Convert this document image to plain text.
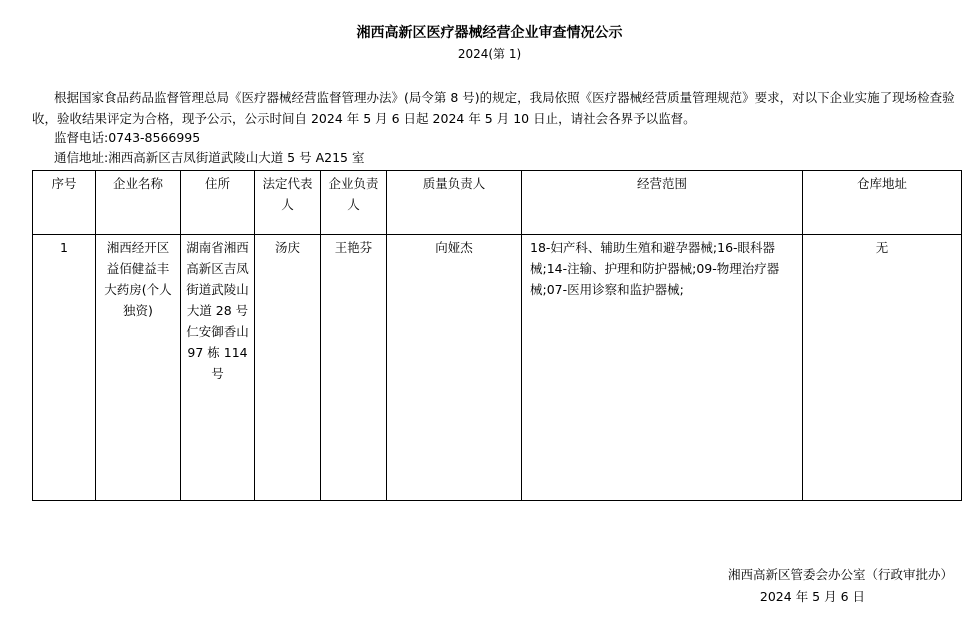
湘西高新区医疗器械经营企业审查情况公示
2024(第 1)
根据国家食品药品监督管理总局《医疗器械经营监督管理办法》(局令第 8 号)的规定，我局依照《医疗器械经营质量管理规范》要求，对以下企业实施了现场检查验收，验收结果评定为合格，现予公示，公示时间自 2024 年 5 月 6 日起 2024 年 5 月 10 日止，请社会各界予以监督。
监督电话:0743-8566995
通信地址:湘西高新区吉凤街道武陵山大道 5 号 A215 室
序号	企业名称	住所	法定代表人	企业负责人	质量负责人	经营范围	仓库地址
1	湘西经开区益佰健益丰大药房(个人独资)	湖南省湘西高新区吉凤街道武陵山大道 28 号仁安御香山 97 栋 114 号	汤庆	王艳芬	向娅杰	18-妇产科、辅助生殖和避孕器械;16-眼科器械;14-注输、护理和防护器械;09-物理治疗器械;07-医用诊察和监护器械;	无
湘西高新区管委会办公室（行政审批办）
2024 年 5 月 6 日
